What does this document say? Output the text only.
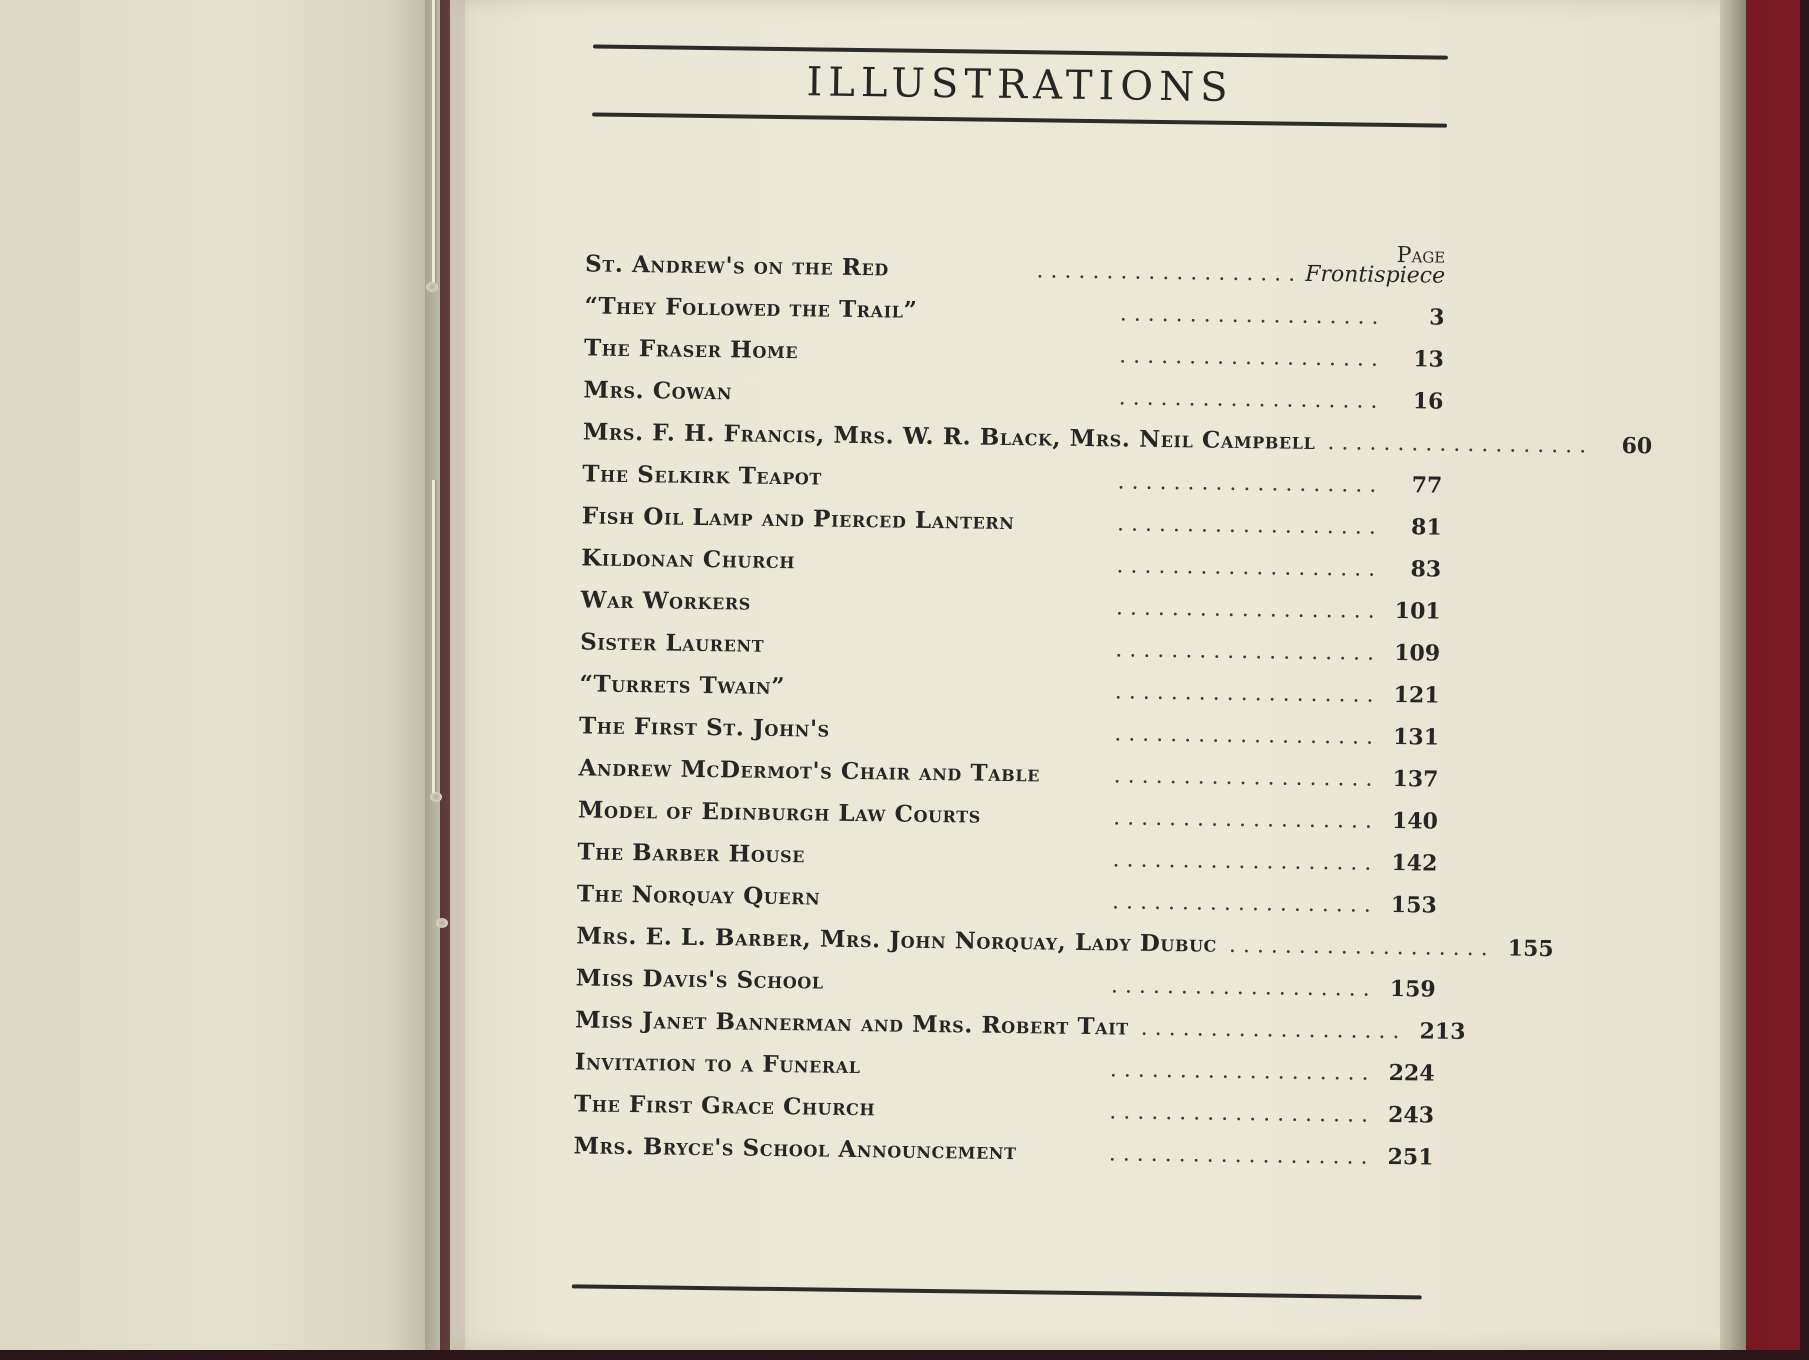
ILLUSTRATIONS
Page
St. Andrew's on the Red	. . . . . . . . . . . . . . . . . . . Frontispiece
“They Followed the Trail”	. . . . . . . . . . . . . . . . . . .	3
The Fraser Home	. . . . . . . . . . . . . . . . . . .	13
Mrs. Cowan	. . . . . . . . . . . . . . . . . . .	16
Mrs. F. H. Francis, Mrs. W. R. Black, Mrs. Neil Campbell . . . . . . . . . . . . . . . . . . .	60
The Selkirk Teapot	. . . . . . . . . . . . . . . . . . .	77
Fish Oil Lamp and Pierced Lantern	. . . . . . . . . . . . . . . . . . .	81
Kildonan Church	. . . . . . . . . . . . . . . . . . .	83
War Workers	. . . . . . . . . . . . . . . . . . . 101
Sister Laurent	. . . . . . . . . . . . . . . . . . . 109
“Turrets Twain”	. . . . . . . . . . . . . . . . . . . 121
The First St. John's	. . . . . . . . . . . . . . . . . . . 131
Andrew McDermot's Chair and Table	. . . . . . . . . . . . . . . . . . . 137
Model of Edinburgh Law Courts	. . . . . . . . . . . . . . . . . . . 140
The Barber House	. . . . . . . . . . . . . . . . . . . 142
The Norquay Quern	. . . . . . . . . . . . . . . . . . . 153
Mrs. E. L. Barber, Mrs. John Norquay, Lady Dubuc . . . . . . . . . . . . . . . . . . . 155
Miss Davis's School	. . . . . . . . . . . . . . . . . . . 159
Miss Janet Bannerman and Mrs. Robert Tait . . . . . . . . . . . . . . . . . . . 213
Invitation to a Funeral	. . . . . . . . . . . . . . . . . . . 224
The First Grace Church	. . . . . . . . . . . . . . . . . . . 243
Mrs. Bryce's School Announcement	. . . . . . . . . . . . . . . . . . . 251
